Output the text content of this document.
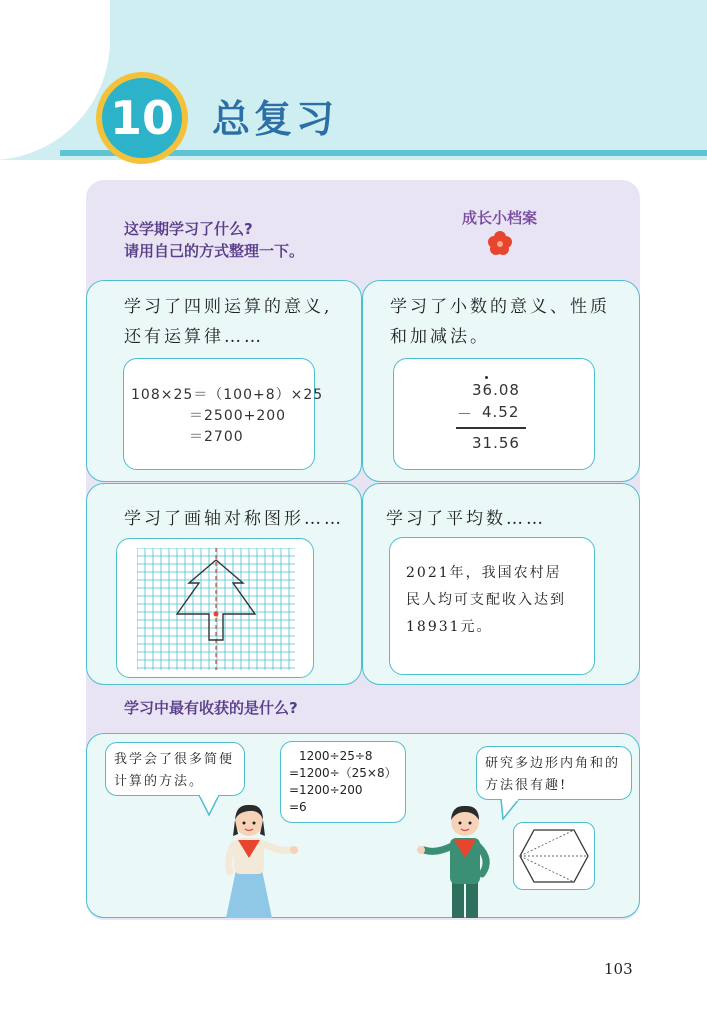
10 总复习
这学期学习了什么?
请用自己的方式整理一下。
成长小档案
学习了四则运算的意义,
还有运算律……
108×25＝（100+8）×25
＝2500+200
＝2700
学习了小数的意义、性质
和加减法。
36.08
－ 4.52
31.56
学习了画轴对称图形…… 学习了平均数……
2021年，我国农村居
民人均可支配收入达到
18931元。
学习中最有收获的是什么?
我学会了很多简便
计算的方法。
1200÷25÷8
=1200÷（25×8）
=1200÷200
=6
研究多边形内角和的
方法很有趣!
103
